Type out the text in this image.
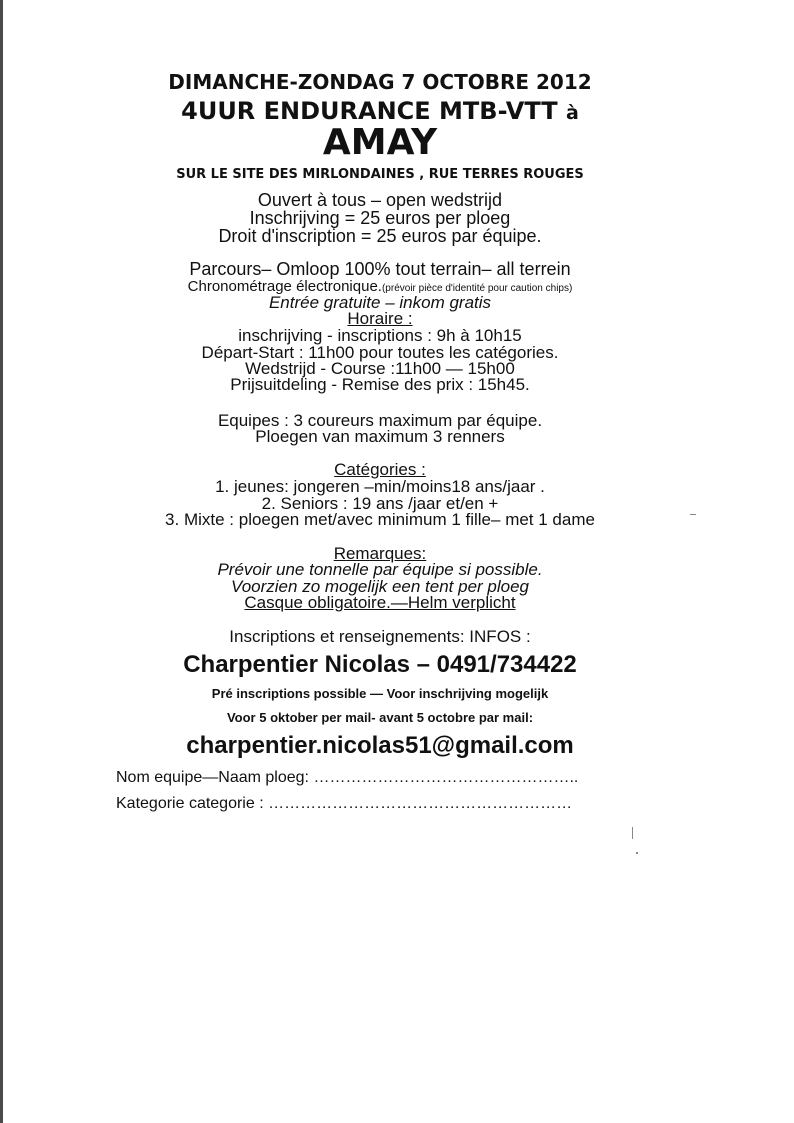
DIMANCHE-ZONDAG 7 OCTOBRE 2012
4UUR ENDURANCE MTB-VTT à
AMAY
SUR LE SITE DES MIRLONDAINES , RUE TERRES ROUGES
Ouvert à tous – open wedstrijd
Inschrijving = 25 euros per ploeg
Droit d'inscription = 25 euros par équipe.
Parcours– Omloop 100% tout terrain– all terrein
Chronométrage électronique.(prévoir pièce d'identité pour caution chips)
Entrée gratuite – inkom gratis
Horaire :
inschrijving - inscriptions : 9h à 10h15
Départ-Start : 11h00 pour toutes les catégories.
Wedstrijd - Course :11h00 — 15h00
Prijsuitdeling - Remise des prix : 15h45.
Equipes : 3 coureurs maximum par équipe.
Ploegen van maximum 3 renners
Catégories :
1. jeunes: jongeren –min/moins18 ans/jaar .
2. Seniors : 19 ans /jaar et/en +
3. Mixte : ploegen met/avec minimum 1 fille– met 1 dame
Remarques:
Prévoir une tonnelle par équipe si possible.
Voorzien zo mogelijk een tent per ploeg
Casque obligatoire.—Helm verplicht
Inscriptions et renseignements: INFOS :
Charpentier Nicolas – 0491/734422
Pré inscriptions possible — Voor inschrijving mogelijk
Voor 5 oktober per mail- avant 5 octobre par mail:
charpentier.nicolas51@gmail.com
Nom equipe—Naam ploeg: …………………………………………..
Kategorie categorie : …………………………………………………
